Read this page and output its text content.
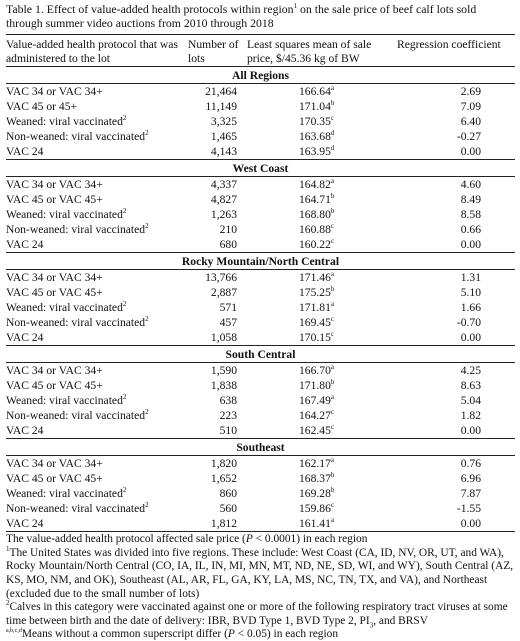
Table 1. Effect of value-added health protocols within region$^1$ on the sale price of beef calf lots sold through summer video auctions from 2010 through 2018
Value-added health protocol that was administered to the lot	Number of lots	Least squares mean of sale price, $/45.36 kg of BW	Regression coefficient
All Regions			
VAC 34 or VAC 34+	21,464	166.64$^a$	2.69
VAC 45 or 45+	11,149	171.04$^b$	7.09
Weaned: viral vaccinated$^2$	3,325	170.35$^c$	6.40
Non-weaned: viral vaccinated$^2$	1,465	163.68$^d$	-0.27
VAC 24	4,143	163.95$^d$	0.00
West Coast			
VAC 34 or VAC 34+	4,337	164.82$^a$	4.60
VAC 45 or VAC 45+	4,827	164.71$^b$	8.49
Weaned: viral vaccinated$^2$	1,263	168.80$^b$	8.58
Non-weaned: viral vaccinated$^2$	210	160.88$^c$	0.66
VAC 24	680	160.22$^c$	0.00
Rocky Mountain/North Central			
VAC 34 or VAC 34+	13,766	171.46$^a$	1.31
VAC 45 or VAC 45+	2,887	175.25$^b$	5.10
Weaned: viral vaccinated$^2$	571	171.81$^a$	1.66
Non-weaned: viral vaccinated$^2$	457	169.45$^c$	-0.70
VAC 24	1,058	170.15$^c$	0.00
South Central			
VAC 34 or VAC 34+	1,590	166.70$^a$	4.25
VAC 45 or VAC 45+	1,838	171.80$^b$	8.63
Weaned: viral vaccinated$^2$	638	167.49$^a$	5.04
Non-weaned: viral vaccinated$^2$	223	164.27$^c$	1.82
VAC 24	510	162.45$^c$	0.00
Southeast			
VAC 34 or VAC 34+	1,820	162.17$^a$	0.76
VAC 45 or VAC 45+	1,652	168.37$^b$	6.96
Weaned: viral vaccinated$^2$	860	169.28$^b$	7.87
Non-weaned: viral vaccinated$^2$	560	159.86$^c$	-1.55
VAC 24	1,812	161.41$^a$	0.00

The value-added health protocol affected sale price (P < 0.0001) in each region

$^1$The United States was divided into five regions. These include: West Coast (CA, ID, NV, OR, UT, and WA), Rocky Mountain/North Central (CO, IA, IL, IN, MI, MN, MT, ND, NE, SD, WI, and WY), South Central (AZ, KS, MO, NM, and OK), Southeast (AL, AR, FL, GA, KY, LA, MS, NC, TN, TX, and VA), and Northeast (excluded due to the small number of lots)

$^2$Calves in this category were vaccinated against one or more of the following respiratory tract viruses at some time between birth and the date of delivery: IBR, BVD Type 1, BVD Type 2, $PI_3$, and BRSV

$^{a,b,c,d}$Means without a common superscript differ (P < 0.05) in each region
